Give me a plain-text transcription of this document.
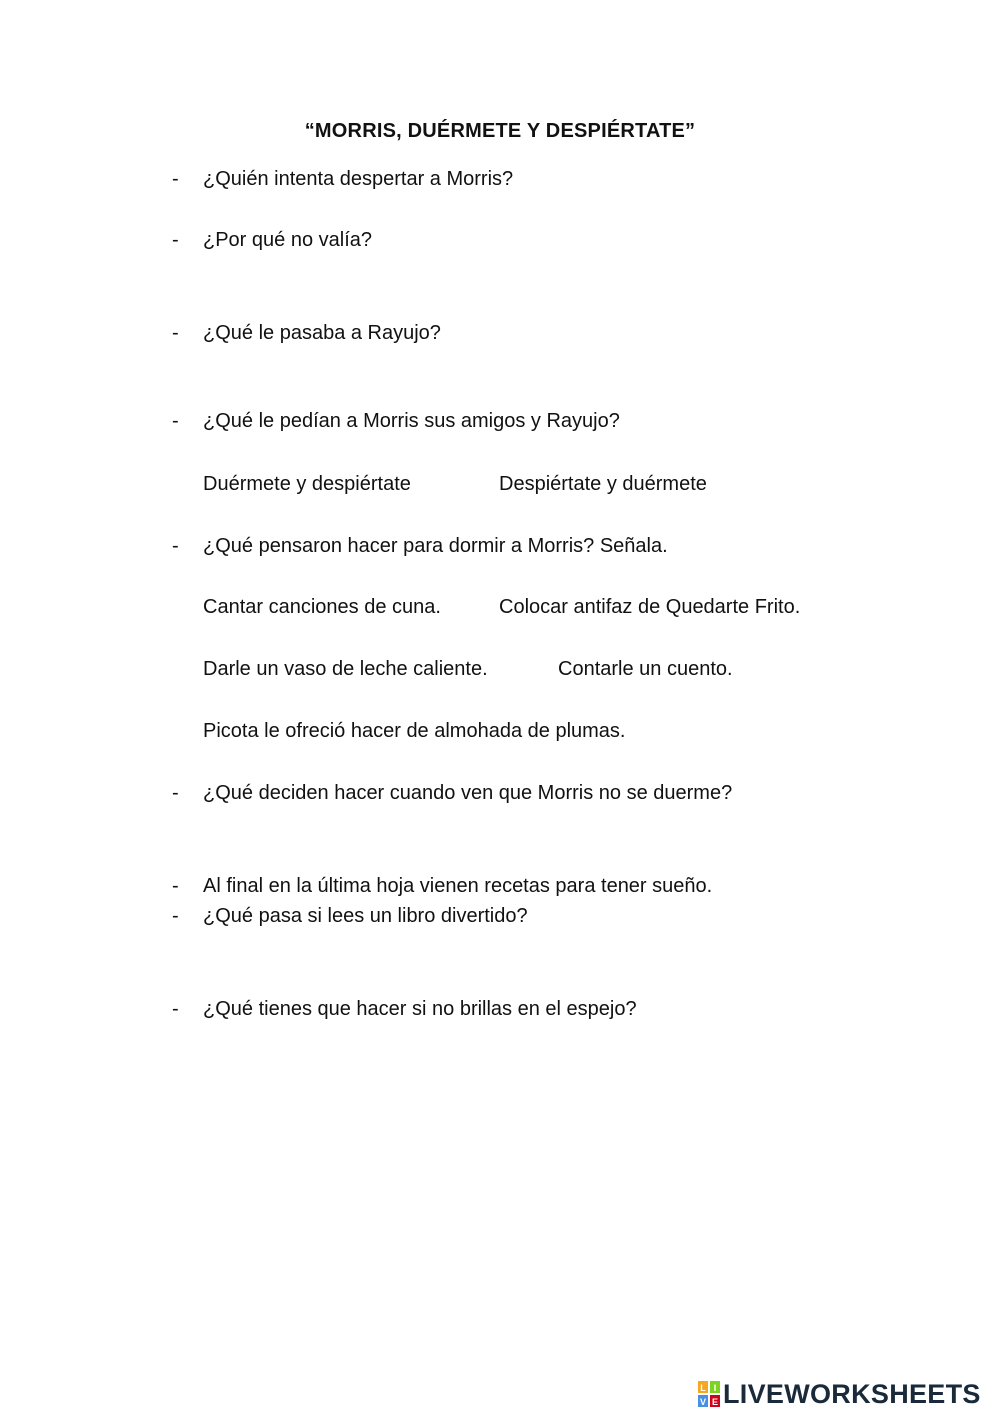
“MORRIS, DUÉRMETE Y DESPIÉRTATE”
- ¿Quién intenta despertar a Morris?
- ¿Por qué no valía?
- ¿Qué le pasaba a Rayujo?
- ¿Qué le pedían a Morris sus amigos y Rayujo?
Duérmete y despiértate	Despiértate y duérmete
- ¿Qué pensaron hacer para dormir a Morris? Señala.
Cantar canciones de cuna.	Colocar antifaz de Quedarte Frito.
Darle un vaso de leche caliente.	Contarle un cuento.
Picota le ofreció hacer de almohada de plumas.
- ¿Qué deciden hacer cuando ven que Morris no se duerme?
- Al final en la última hoja vienen recetas para tener sueño.
- ¿Qué pasa si lees un libro divertido?
- ¿Qué tienes que hacer si no brillas en el espejo?
L I
V E LIVEWORKSHEETS
